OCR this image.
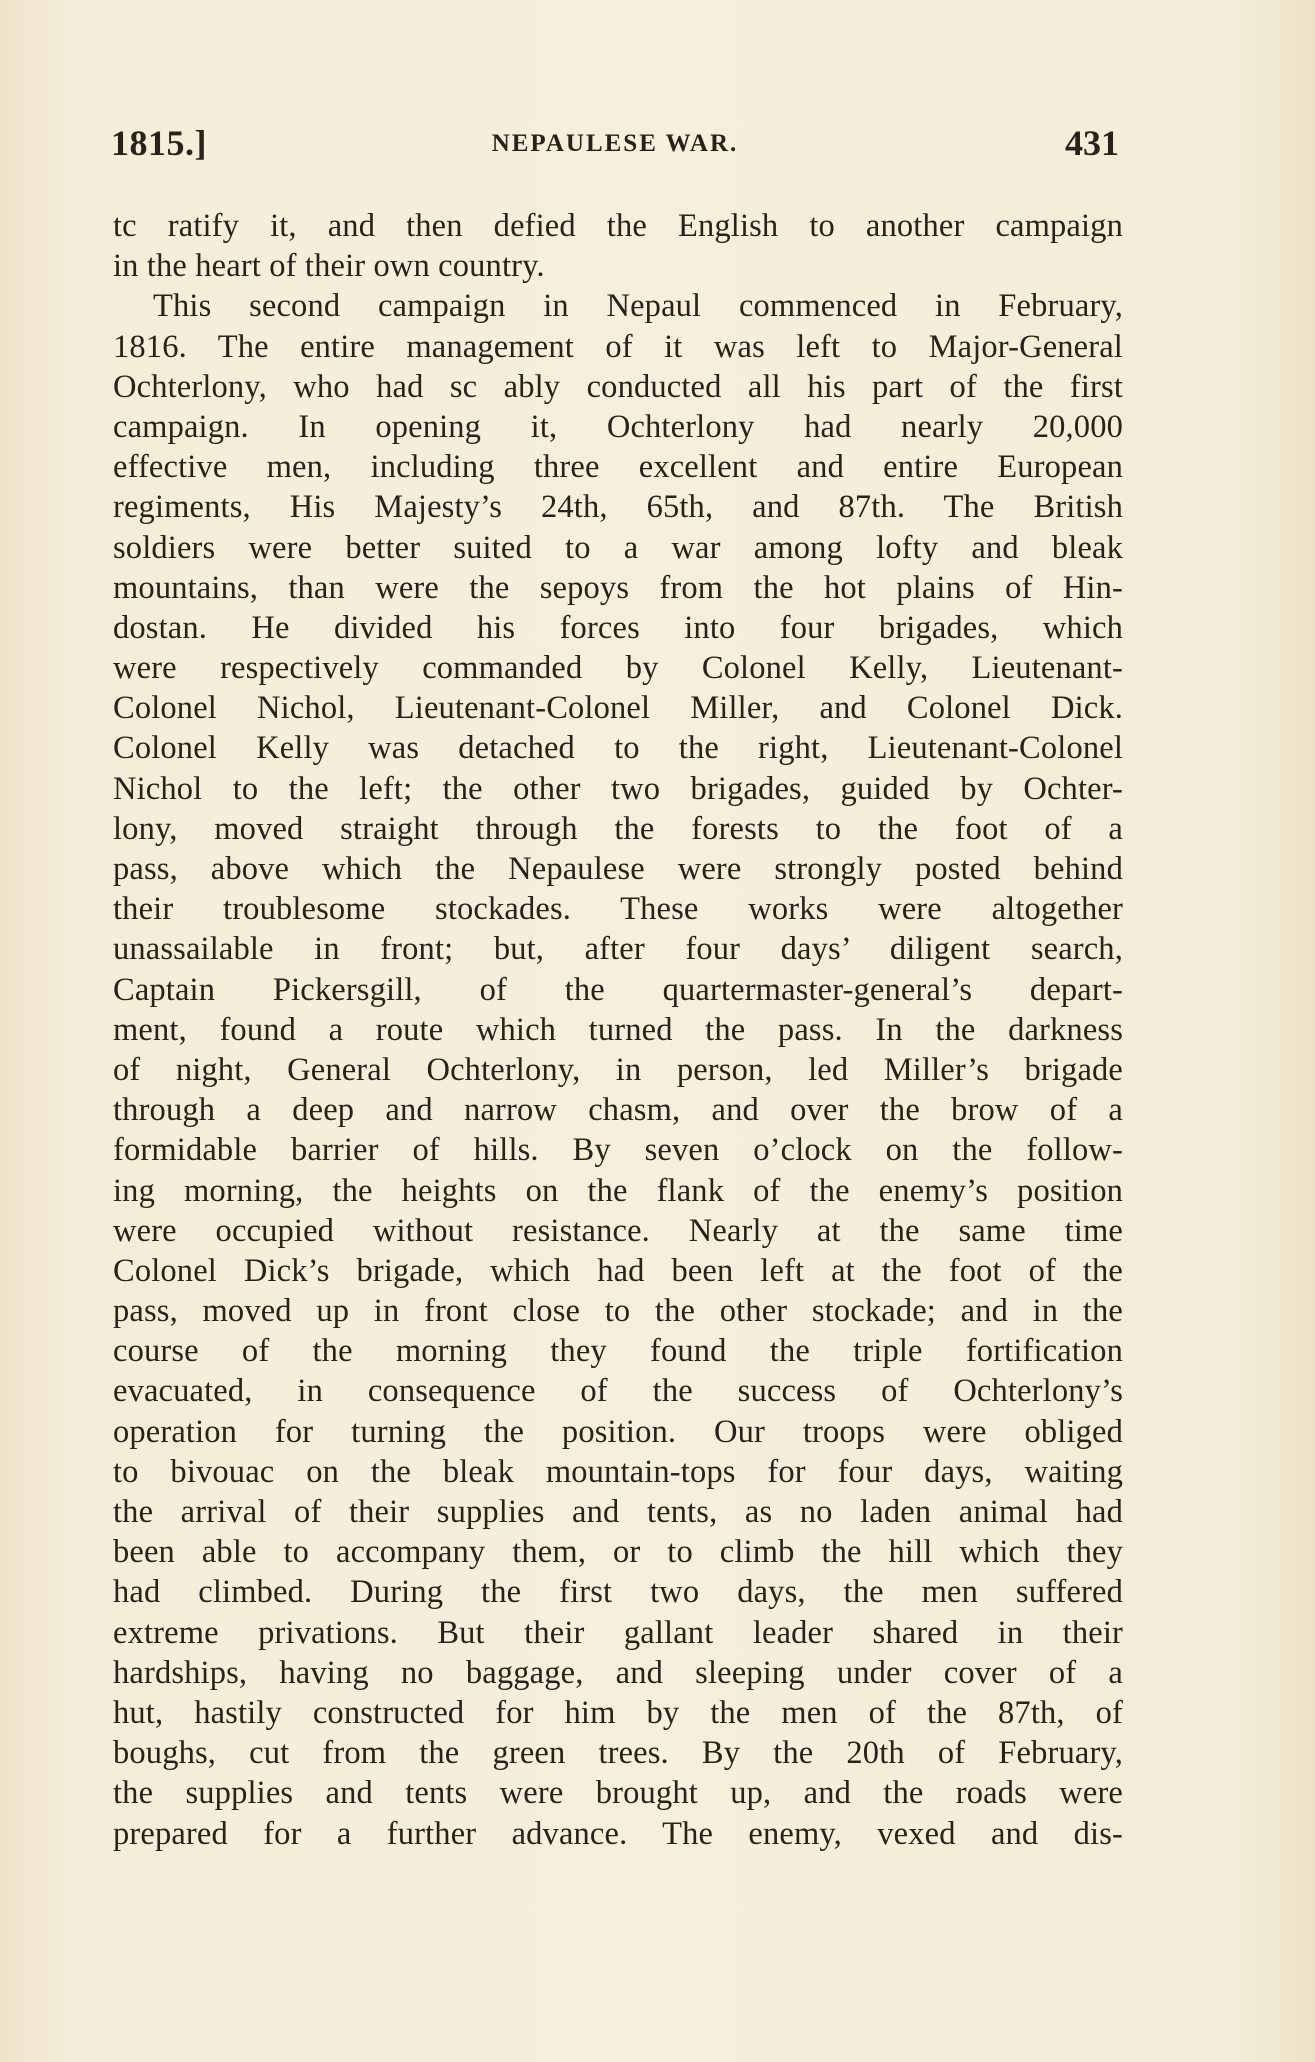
1815.]	NEPAULESE WAR.	431
tc ratify it, and then defied the English to another campaign
in the heart of their own country.
This second campaign in Nepaul commenced in February,
1816. The entire management of it was left to Major-General
Ochterlony, who had sc ably conducted all his part of the first
campaign. In opening it, Ochterlony had nearly 20,000
effective men, including three excellent and entire European
regiments, His Majesty’s 24th, 65th, and 87th. The British
soldiers were better suited to a war among lofty and bleak
mountains, than were the sepoys from the hot plains of Hin-
dostan. He divided his forces into four brigades, which
were respectively commanded by Colonel Kelly, Lieutenant-
Colonel Nichol, Lieutenant-Colonel Miller, and Colonel Dick.
Colonel Kelly was detached to the right, Lieutenant-Colonel
Nichol to the left; the other two brigades, guided by Ochter-
lony, moved straight through the forests to the foot of a
pass, above which the Nepaulese were strongly posted behind
their troublesome stockades. These works were altogether
unassailable in front; but, after four days’ diligent search,
Captain Pickersgill, of the quartermaster-general’s depart-
ment, found a route which turned the pass. In the darkness
of night, General Ochterlony, in person, led Miller’s brigade
through a deep and narrow chasm, and over the brow of a
formidable barrier of hills. By seven o’clock on the follow-
ing morning, the heights on the flank of the enemy’s position
were occupied without resistance. Nearly at the same time
Colonel Dick’s brigade, which had been left at the foot of the
pass, moved up in front close to the other stockade; and in the
course of the morning they found the triple fortification
evacuated, in consequence of the success of Ochterlony’s
operation for turning the position. Our troops were obliged
to bivouac on the bleak mountain-tops for four days, waiting
the arrival of their supplies and tents, as no laden animal had
been able to accompany them, or to climb the hill which they
had climbed. During the first two days, the men suffered
extreme privations. But their gallant leader shared in their
hardships, having no baggage, and sleeping under cover of a
hut, hastily constructed for him by the men of the 87th, of
boughs, cut from the green trees. By the 20th of February,
the supplies and tents were brought up, and the roads were
prepared for a further advance. The enemy, vexed and dis-
